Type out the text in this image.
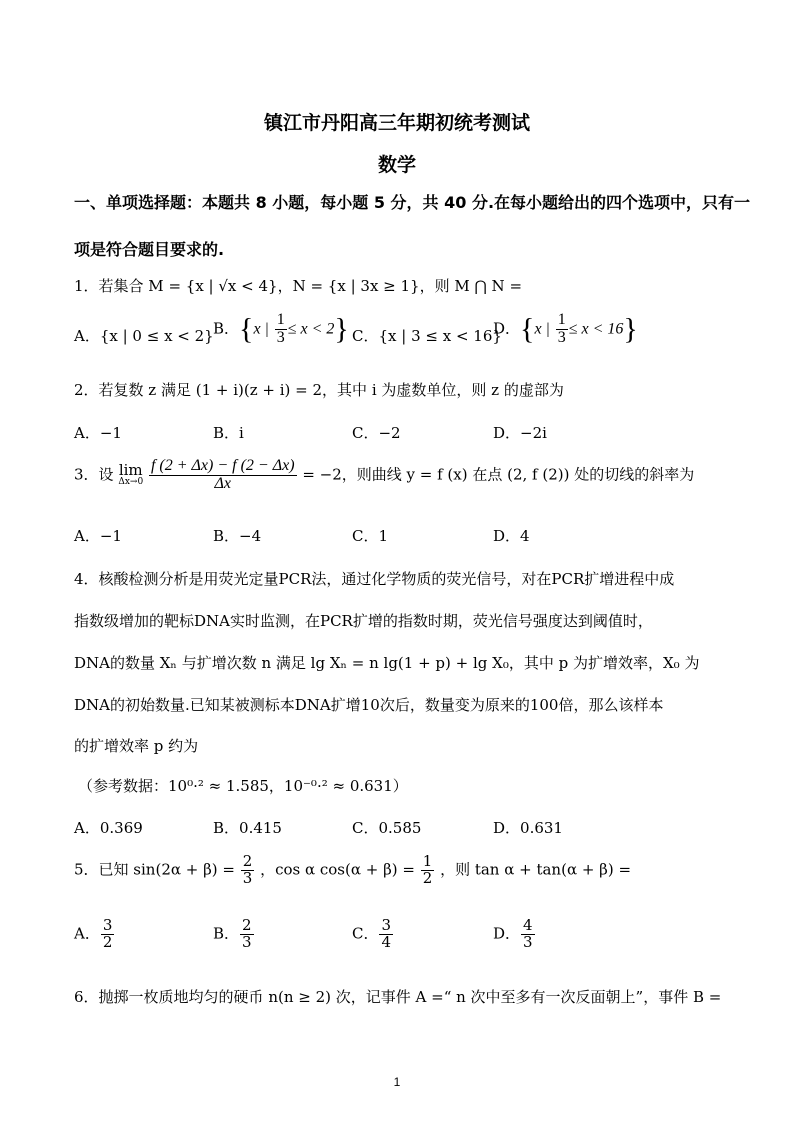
镇江市丹阳高三年期初统考测试
数学
一、单项选择题：本题共 8 小题，每小题 5 分，共 40 分.在每小题给出的四个选项中，只有一
项是符合题目要求的.
1．若集合 M = {x | √x < 4}，N = {x | 3x ≥ 1}，则 M ⋂ N =
A．{x | 0 ≤ x < 2} B．{x | $\frac{1}{3} \le x < 2$} C．{x | 3 ≤ x < 16}
D．{x | $\frac{1}{3} \le x < 16$}
2．若复数 z 满足 (1 + i)(z + i) = 2，其中 i 为虚数单位，则 z 的虚部为
A．−1	B．i	C．−2	D．−2i
3．设 lim
Δx→0
$\frac{f (2 + \Delta x) - f (2 - \Delta x)}{\Delta x} = -2$，则曲线 y = f (x) 在点 (2, f (2)) 处的切线的斜率为
A．−1	B．−4	C．1	D．4
4．核酸检测分析是用荧光定量PCR法，通过化学物质的荧光信号，对在PCR扩增进程中成
指数级增加的靶标DNA实时监测，在PCR扩增的指数时期，荧光信号强度达到阈值时，
DNA的数量 Xₙ 与扩增次数 n 满足 lg Xₙ = n lg(1 + p) + lg X₀，其中 p 为扩增效率，X₀ 为
DNA的初始数量.已知某被测标本DNA扩增10次后，数量变为原来的100倍，那么该样本
的扩增效率 p 约为
（参考数据：10⁰·² ≈ 1.585，10⁻⁰·² ≈ 0.631）
A．0.369	B．0.415	C．0.585	D．0.631
5．已知 $\sin(2\alpha + \beta) = \frac{2}{3}$ ，cos α $\cos(\alpha + \beta) = \frac{1}{2}$ ，则 tan α + tan(α + β) =
A． $\frac{3}{2}$	B． $\frac{2}{3}$	C． $\frac{3}{4}$	D． $\frac{4}{3}$
6．抛掷一枚质地均匀的硬币 n(n ≥ 2) 次，记事件 A =“ n 次中至多有一次反面朝上”，事件 B =
1
